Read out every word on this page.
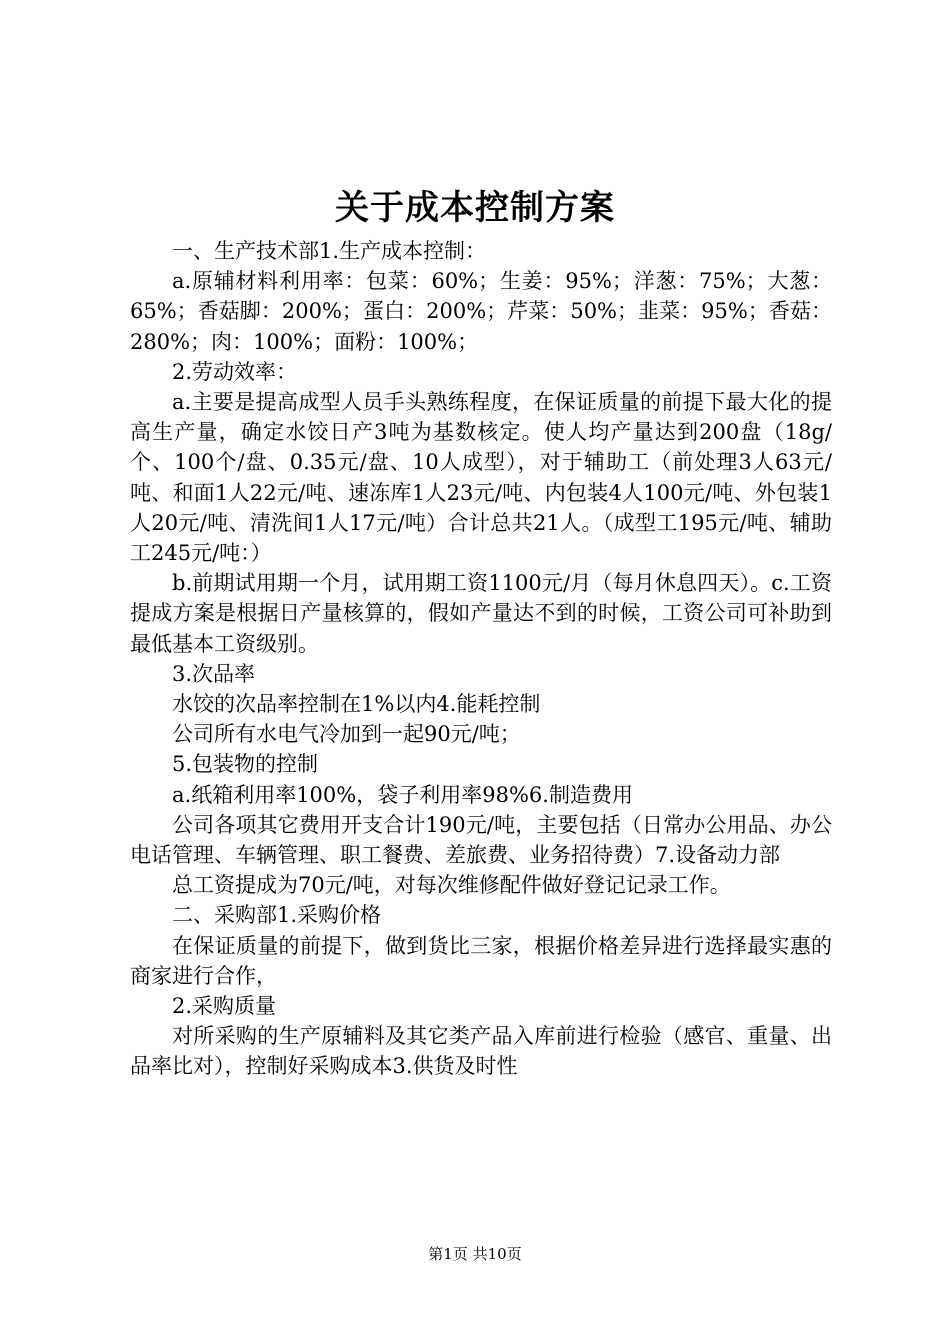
关于成本控制方案

一、生产技术部1.生产成本控制：

a.原辅材料利用率：包菜：60%；生姜：95%；洋葱：75%；大葱：65%；香菇脚：200%；蛋白：200%；芹菜：50%；韭菜：95%；香菇：280%；肉：100%；面粉：100%；

2.劳动效率：

a.主要是提高成型人员手头熟练程度，在保证质量的前提下最大化的提高生产量，确定水饺日产3吨为基数核定。使人均产量达到200盘（18g/个、100个/盘、0.35元/盘、10人成型），对于辅助工（前处理3人63元/吨、和面1人22元/吨、速冻库1人23元/吨、内包装4人100元/吨、外包装1人20元/吨、清洗间1人17元/吨）合计总共21人。（成型工195元/吨、辅助工245元/吨：）

b.前期试用期一个月，试用期工资1100元/月（每月休息四天）。c.工资提成方案是根据日产量核算的，假如产量达不到的时候，工资公司可补助到最低基本工资级别。

3.次品率

水饺的次品率控制在1%以内4.能耗控制

公司所有水电气冷加到一起90元/吨；

5.包装物的控制

a.纸箱利用率100%，袋子利用率98%6.制造费用

公司各项其它费用开支合计190元/吨，主要包括（日常办公用品、办公电话管理、车辆管理、职工餐费、差旅费、业务招待费）7.设备动力部

总工资提成为70元/吨，对每次维修配件做好登记记录工作。

二、采购部1.采购价格

在保证质量的前提下，做到货比三家，根据价格差异进行选择最实惠的商家进行合作，

2.采购质量

对所采购的生产原辅料及其它类产品入库前进行检验（感官、重量、出品率比对），控制好采购成本3.供货及时性

第1页 共10页
